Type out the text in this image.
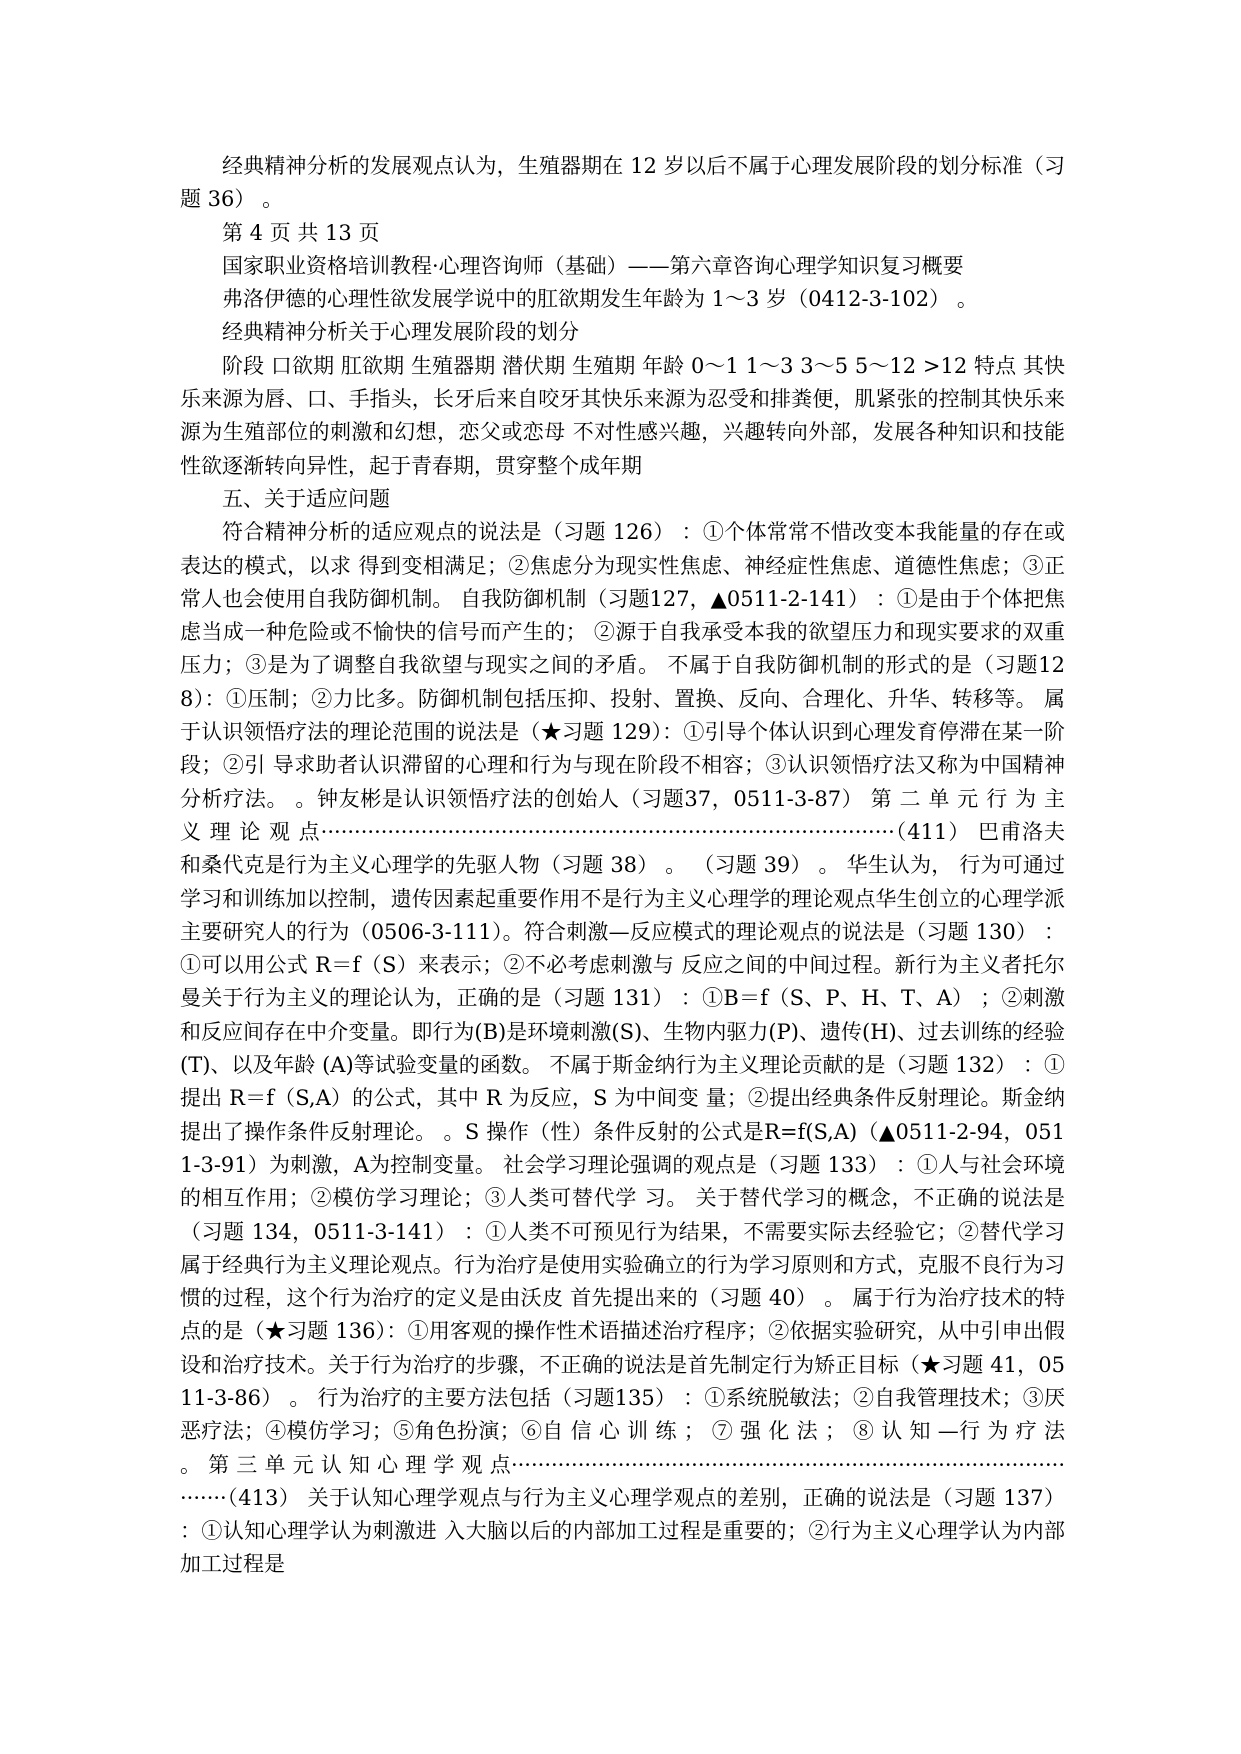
经典精神分析的发展观点认为，生殖器期在 12 岁以后不属于心理发展阶段的划分标准（习题 36） 。

第 4 页 共 13 页

国家职业资格培训教程·心理咨询师（基础）——第六章咨询心理学知识复习概要

弗洛伊德的心理性欲发展学说中的肛欲期发生年龄为 1～3 岁（0412-3-102） 。

经典精神分析关于心理发展阶段的划分

阶段 口欲期 肛欲期 生殖器期 潜伏期 生殖期 年龄 0～1 1～3 3～5 5～12 >12 特点 其快乐来源为唇、口、手指头，长牙后来自咬牙其快乐来源为忍受和排粪便，肌紧张的控制其快乐来源为生殖部位的刺激和幻想，恋父或恋母 不对性感兴趣，兴趣转向外部，发展各种知识和技能 性欲逐渐转向异性，起于青春期，贯穿整个成年期

五、关于适应问题

符合精神分析的适应观点的说法是（习题 126） ：①个体常常不惜改变本我能量的存在或表达的模式，以求 得到变相满足；②焦虑分为现实性焦虑、神经症性焦虑、道德性焦虑；③正常人也会使用自我防御机制。 自我防御机制（习题127，▲0511-2-141） ：①是由于个体把焦虑当成一种危险或不愉快的信号而产生的； ②源于自我承受本我的欲望压力和现实要求的双重压力；③是为了调整自我欲望与现实之间的矛盾。 不属于自我防御机制的形式的是（习题128）：①压制；②力比多。防御机制包括压抑、投射、置换、反向、合理化、升华、转移等。 属于认识领悟疗法的理论范围的说法是（★习题 129）：①引导个体认识到心理发育停滞在某一阶段；②引 导求助者认识滞留的心理和行为与现在阶段不相容；③认识领悟疗法又称为中国精神分析疗法。 。钟友彬是认识领悟疗法的创始人（习题37，0511-3-87） 第 二 单 元 行 为 主 义 理 论 观 点······················································································（411） 巴甫洛夫和桑代克是行为主义心理学的先驱人物（习题 38） 。 （习题 39） 。 华生认为， 行为可通过学习和训练加以控制，遗传因素起重要作用不是行为主义心理学的理论观点华生创立的心理学派主要研究人的行为（0506-3-111）。符合刺激—反应模式的理论观点的说法是（习题 130） ：①可以用公式 R＝f（S）来表示；②不必考虑刺激与 反应之间的中间过程。新行为主义者托尔曼关于行为主义的理论认为，正确的是（习题 131） ：①B＝f（S、P、H、T、A） ；②刺激 和反应间存在中介变量。即行为(B)是环境刺激(S)、生物内驱力(P)、遗传(H)、过去训练的经验(T)、以及年龄 (A)等试验变量的函数。 不属于斯金纳行为主义理论贡献的是（习题 132） ：①提出 R＝f（S,A）的公式，其中 R 为反应，S 为中间变 量；②提出经典条件反射理论。斯金纳提出了操作条件反射理论。 。S 操作（性）条件反射的公式是R=f(S,A)（▲0511-2-94，0511-3-91）为刺激，A为控制变量。 社会学习理论强调的观点是（习题 133） ：①人与社会环境的相互作用；②模仿学习理论；③人类可替代学 习。 关于替代学习的概念，不正确的说法是（习题 134，0511-3-141） ：①人类不可预见行为结果，不需要实际去经验它；②替代学习属于经典行为主义理论观点。行为治疗是使用实验确立的行为学习原则和方式，克服不良行为习惯的过程，这个行为治疗的定义是由沃皮 首先提出来的（习题 40） 。 属于行为治疗技术的特点的是（★习题 136）：①用客观的操作性术语描述治疗程序；②依据实验研究，从中引申出假设和治疗技术。关于行为治疗的步骤，不正确的说法是首先制定行为矫正目标（★习题 41，0511-3-86） 。 行为治疗的主要方法包括（习题135） ：①系统脱敏法；②自我管理技术；③厌恶疗法；④模仿学习；⑤角色扮演；⑥自 信 心 训 练 ； ⑦ 强 化 法 ； ⑧ 认 知 —行 为 疗 法 。 第 三 单 元 认 知 心 理 学 观 点··························································································（413） 关于认知心理学观点与行为主义心理学观点的差别，正确的说法是（习题 137） ：①认知心理学认为刺激进 入大脑以后的内部加工过程是重要的；②行为主义心理学认为内部加工过程是
